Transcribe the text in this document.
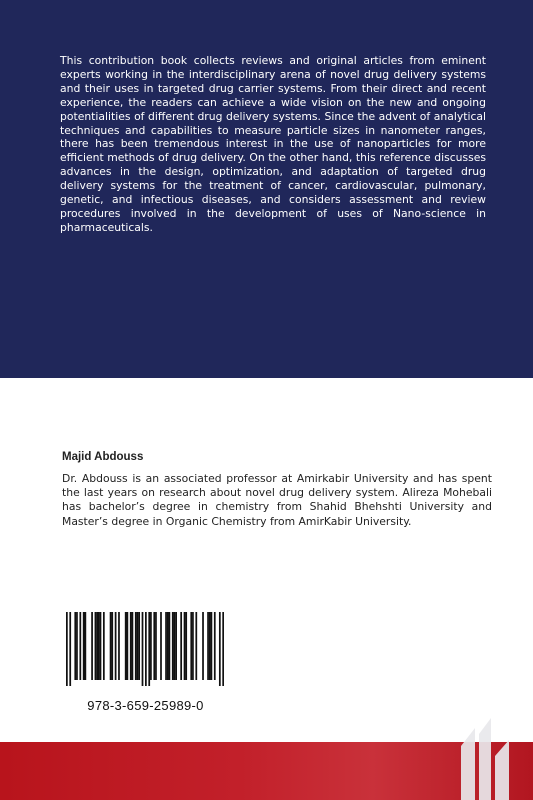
This contribution book collects reviews and original articles from eminent experts working in the interdisciplinary arena of novel drug delivery systems and their uses in targeted drug carrier systems. From their direct and recent experience, the readers can achieve a wide vision on the new and ongoing potentialities of different drug delivery systems. Since the advent of analytical techniques and capabilities to measure particle sizes in nanometer ranges, there has been tremendous interest in the use of nanoparticles for more efficient methods of drug delivery. On the other hand, this reference discusses advances in the design, optimization, and adaptation of targeted drug delivery systems for the treatment of cancer, cardiovascular, pulmonary, genetic, and infectious diseases, and considers assessment and review procedures involved in the development of uses of Nano-science in pharmaceuticals.

Majid Abdouss

Dr. Abdouss is an associated professor at Amirkabir University and has spent the last years on research about novel drug delivery system. Alireza Mohebali has bachelor’s degree in chemistry from Shahid Bhehshti University and Master’s degree in Organic Chemistry from AmirKabir University.

978-3-659-25989-0
